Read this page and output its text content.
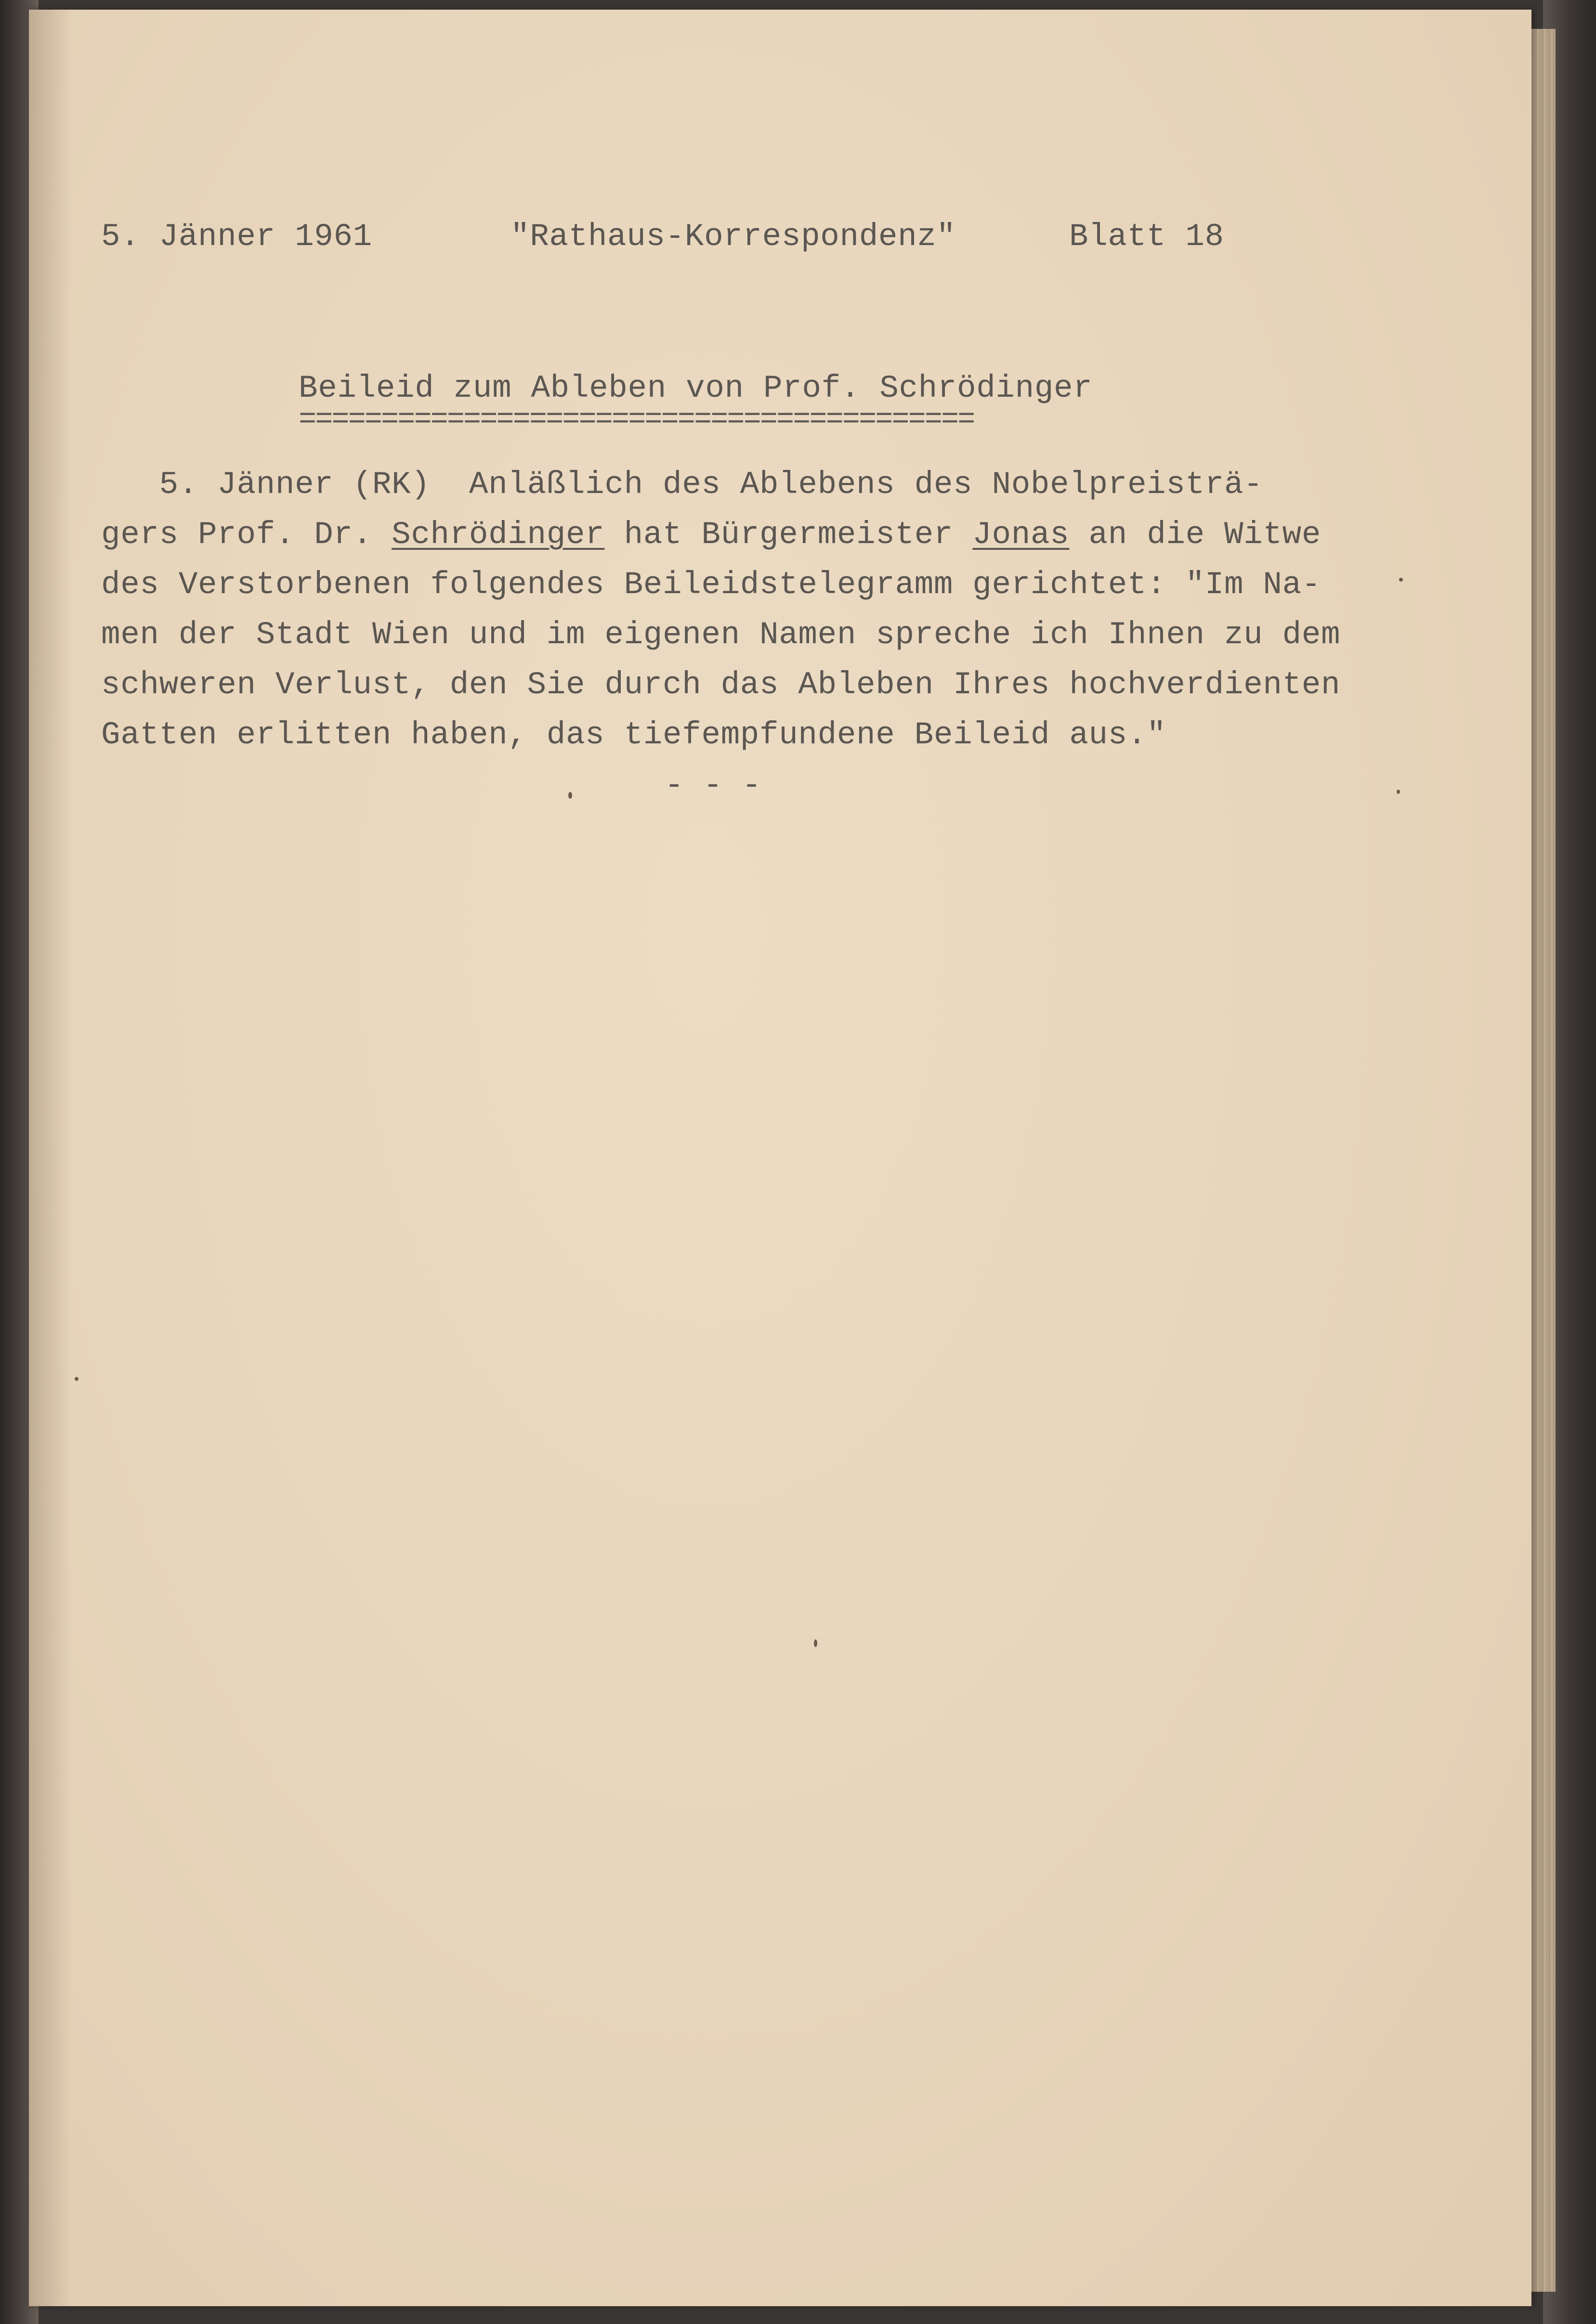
5. Jänner 1961

	"Rathaus-Korrespondenz"

	Blatt 18

Beileid zum Ableben von Prof. Schrödinger
=========================================
5. Jänner (RK)  Anläßlich des Ablebens des Nobelpreisträ-
gers Prof. Dr. Schrödinger hat Bürgermeister Jonas an die Witwe
des Verstorbenen folgendes Beileidstelegramm gerichtet: "Im Na-
men der Stadt Wien und im eigenen Namen spreche ich Ihnen zu dem
schweren Verlust, den Sie durch das Ableben Ihres hochverdienten
Gatten erlitten haben, das tiefempfundene Beileid aus."
- - -
